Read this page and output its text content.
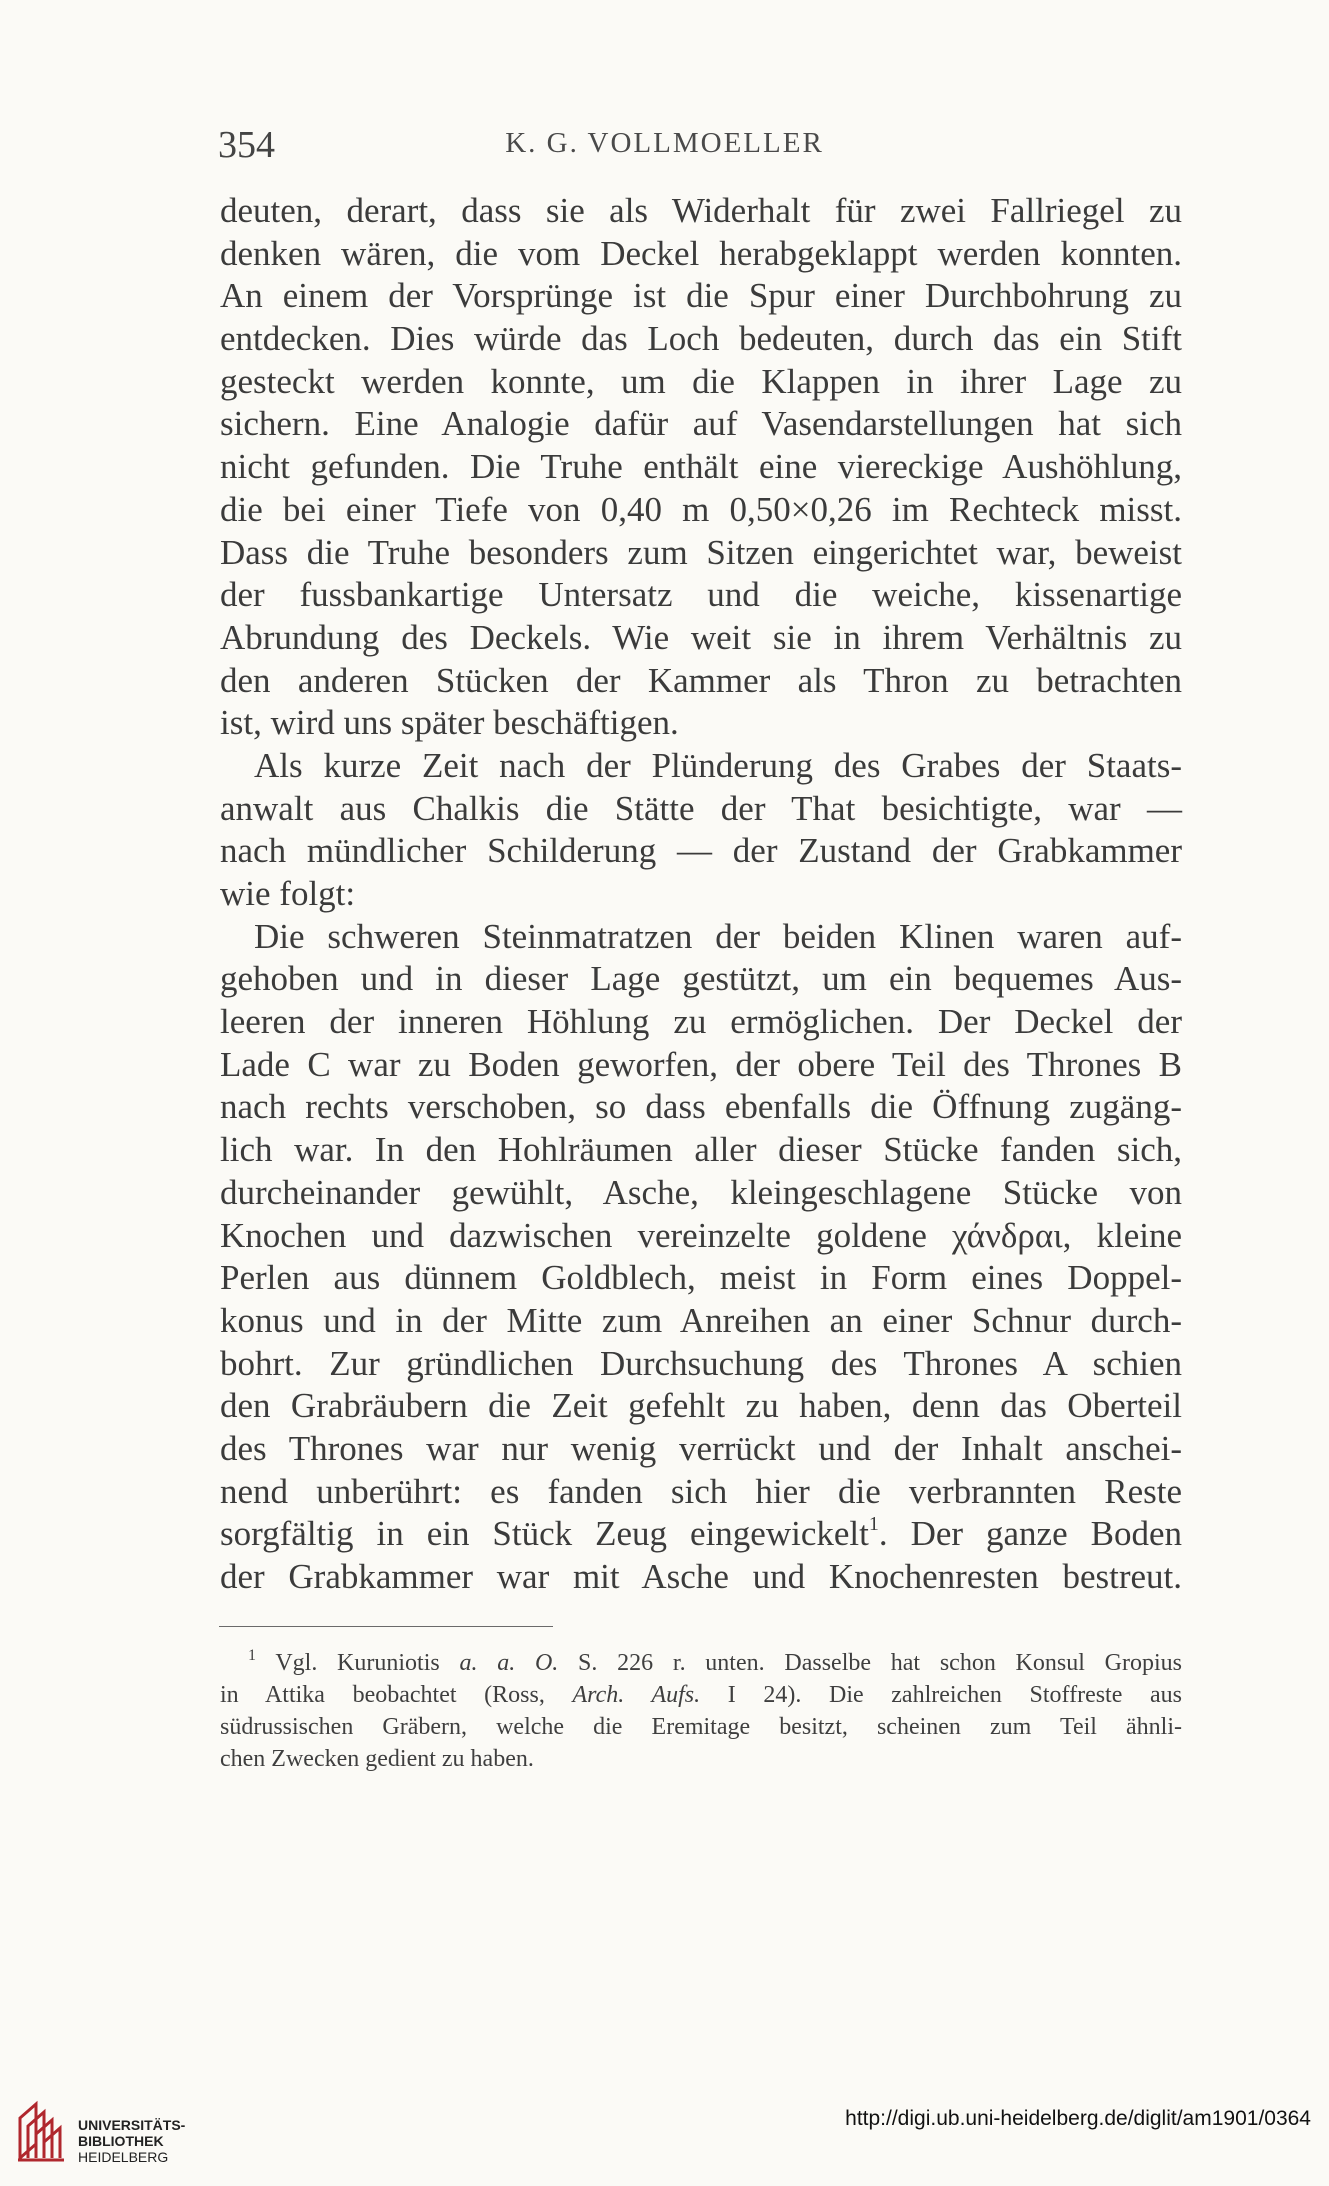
354	K. G. VOLLMOELLER
deuten, derart, dass sie als Widerhalt für zwei Fallriegel zu
denken wären, die vom Deckel herabgeklappt werden konnten.
An einem der Vorsprünge ist die Spur einer Durchbohrung zu
entdecken. Dies würde das Loch bedeuten, durch das ein Stift
gesteckt werden konnte, um die Klappen in ihrer Lage zu
sichern. Eine Analogie dafür auf Vasendarstellungen hat sich
nicht gefunden. Die Truhe enthält eine viereckige Aushöhlung,
die bei einer Tiefe von 0,40 m 0,50×0,26 im Rechteck misst.
Dass die Truhe besonders zum Sitzen eingerichtet war, beweist
der fussbankartige Untersatz und die weiche, kissenartige
Abrundung des Deckels. Wie weit sie in ihrem Verhältnis zu
den anderen Stücken der Kammer als Thron zu betrachten
ist, wird uns später beschäftigen.
Als kurze Zeit nach der Plünderung des Grabes der Staats-
anwalt aus Chalkis die Stätte der That besichtigte, war —
nach mündlicher Schilderung — der Zustand der Grabkammer
wie folgt:
Die schweren Steinmatratzen der beiden Klinen waren auf-
gehoben und in dieser Lage gestützt, um ein bequemes Aus-
leeren der inneren Höhlung zu ermöglichen. Der Deckel der
Lade C war zu Boden geworfen, der obere Teil des Thrones B
nach rechts verschoben, so dass ebenfalls die Öffnung zugäng-
lich war. In den Hohlräumen aller dieser Stücke fanden sich,
durcheinander gewühlt, Asche, kleingeschlagene Stücke von
Knochen und dazwischen vereinzelte goldene χάνδραι, kleine
Perlen aus dünnem Goldblech, meist in Form eines Doppel-
konus und in der Mitte zum Anreihen an einer Schnur durch-
bohrt. Zur gründlichen Durchsuchung des Thrones A schien
den Grabräubern die Zeit gefehlt zu haben, denn das Oberteil
des Thrones war nur wenig verrückt und der Inhalt anschei-
nend unberührt: es fanden sich hier die verbrannten Reste
sorgfältig in ein Stück Zeug eingewickelt$^1$. Der ganze Boden
der Grabkammer war mit Asche und Knochenresten bestreut.
$^1$ Vgl. Kuruniotis a. a. O. S. 226 r. unten. Dasselbe hat schon Konsul Gropius
in Attika beobachtet (Ross, Arch. Aufs. I 24). Die zahlreichen Stoffreste aus
südrussischen Gräbern, welche die Eremitage besitzt, scheinen zum Teil ähnli-
chen Zwecken gedient zu haben.
UNIVERSITÄTS-
BIBLIOTHEK
HEIDELBERG
http://digi.ub.uni-heidelberg.de/diglit/am1901/0364
